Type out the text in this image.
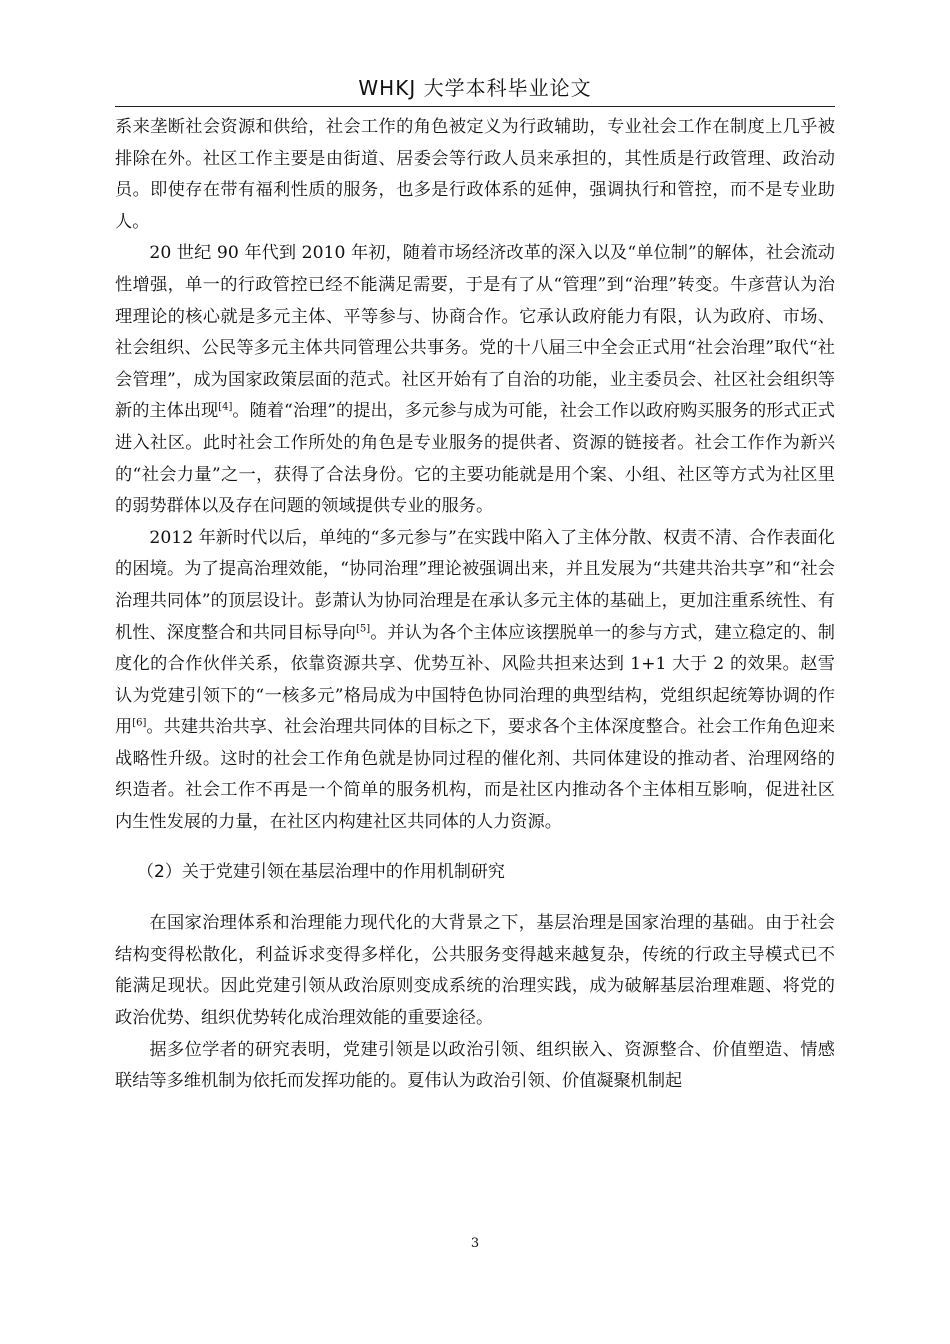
WHKJ 大学本科毕业论文

系来垄断社会资源和供给，社会工作的角色被定义为行政辅助，专业社会工作在制度上几乎被排除在外。社区工作主要是由街道、居委会等行政人员来承担的，其性质是行政管理、政治动员。即使存在带有福利性质的服务，也多是行政体系的延伸，强调执行和管控，而不是专业助人。

20 世纪 90 年代到 2010 年初，随着市场经济改革的深入以及“单位制”的解体，社会流动性增强，单一的行政管控已经不能满足需要，于是有了从“管理”到“治理”转变。牛彦营认为治理理论的核心就是多元主体、平等参与、协商合作。它承认政府能力有限，认为政府、市场、社会组织、公民等多元主体共同管理公共事务。党的十八届三中全会正式用“社会治理”取代“社会管理”，成为国家政策层面的范式。社区开始有了自治的功能，业主委员会、社区社会组织等新的主体出现[4]。随着“治理”的提出，多元参与成为可能，社会工作以政府购买服务的形式正式进入社区。此时社会工作所处的角色是专业服务的提供者、资源的链接者。社会工作作为新兴的“社会力量”之一，获得了合法身份。它的主要功能就是用个案、小组、社区等方式为社区里的弱势群体以及存在问题的领域提供专业的服务。

2012 年新时代以后，单纯的“多元参与”在实践中陷入了主体分散、权责不清、合作表面化的困境。为了提高治理效能，“协同治理”理论被强调出来，并且发展为“共建共治共享”和“社会治理共同体”的顶层设计。彭萧认为协同治理是在承认多元主体的基础上，更加注重系统性、有机性、深度整合和共同目标导向[5]。并认为各个主体应该摆脱单一的参与方式，建立稳定的、制度化的合作伙伴关系，依靠资源共享、优势互补、风险共担来达到 1+1 大于 2 的效果。赵雪认为党建引领下的“一核多元”格局成为中国特色协同治理的典型结构，党组织起统筹协调的作用[6]。共建共治共享、社会治理共同体的目标之下，要求各个主体深度整合。社会工作角色迎来战略性升级。这时的社会工作角色就是协同过程的催化剂、共同体建设的推动者、治理网络的织造者。社会工作不再是一个简单的服务机构，而是社区内推动各个主体相互影响，促进社区内生性发展的力量，在社区内构建社区共同体的人力资源。

（2）关于党建引领在基层治理中的作用机制研究

在国家治理体系和治理能力现代化的大背景之下，基层治理是国家治理的基础。由于社会结构变得松散化，利益诉求变得多样化，公共服务变得越来越复杂，传统的行政主导模式已不能满足现状。因此党建引领从政治原则变成系统的治理实践，成为破解基层治理难题、将党的政治优势、组织优势转化成治理效能的重要途径。

据多位学者的研究表明，党建引领是以政治引领、组织嵌入、资源整合、价值塑造、情感联结等多维机制为依托而发挥功能的。夏伟认为政治引领、价值凝聚机制起

3
